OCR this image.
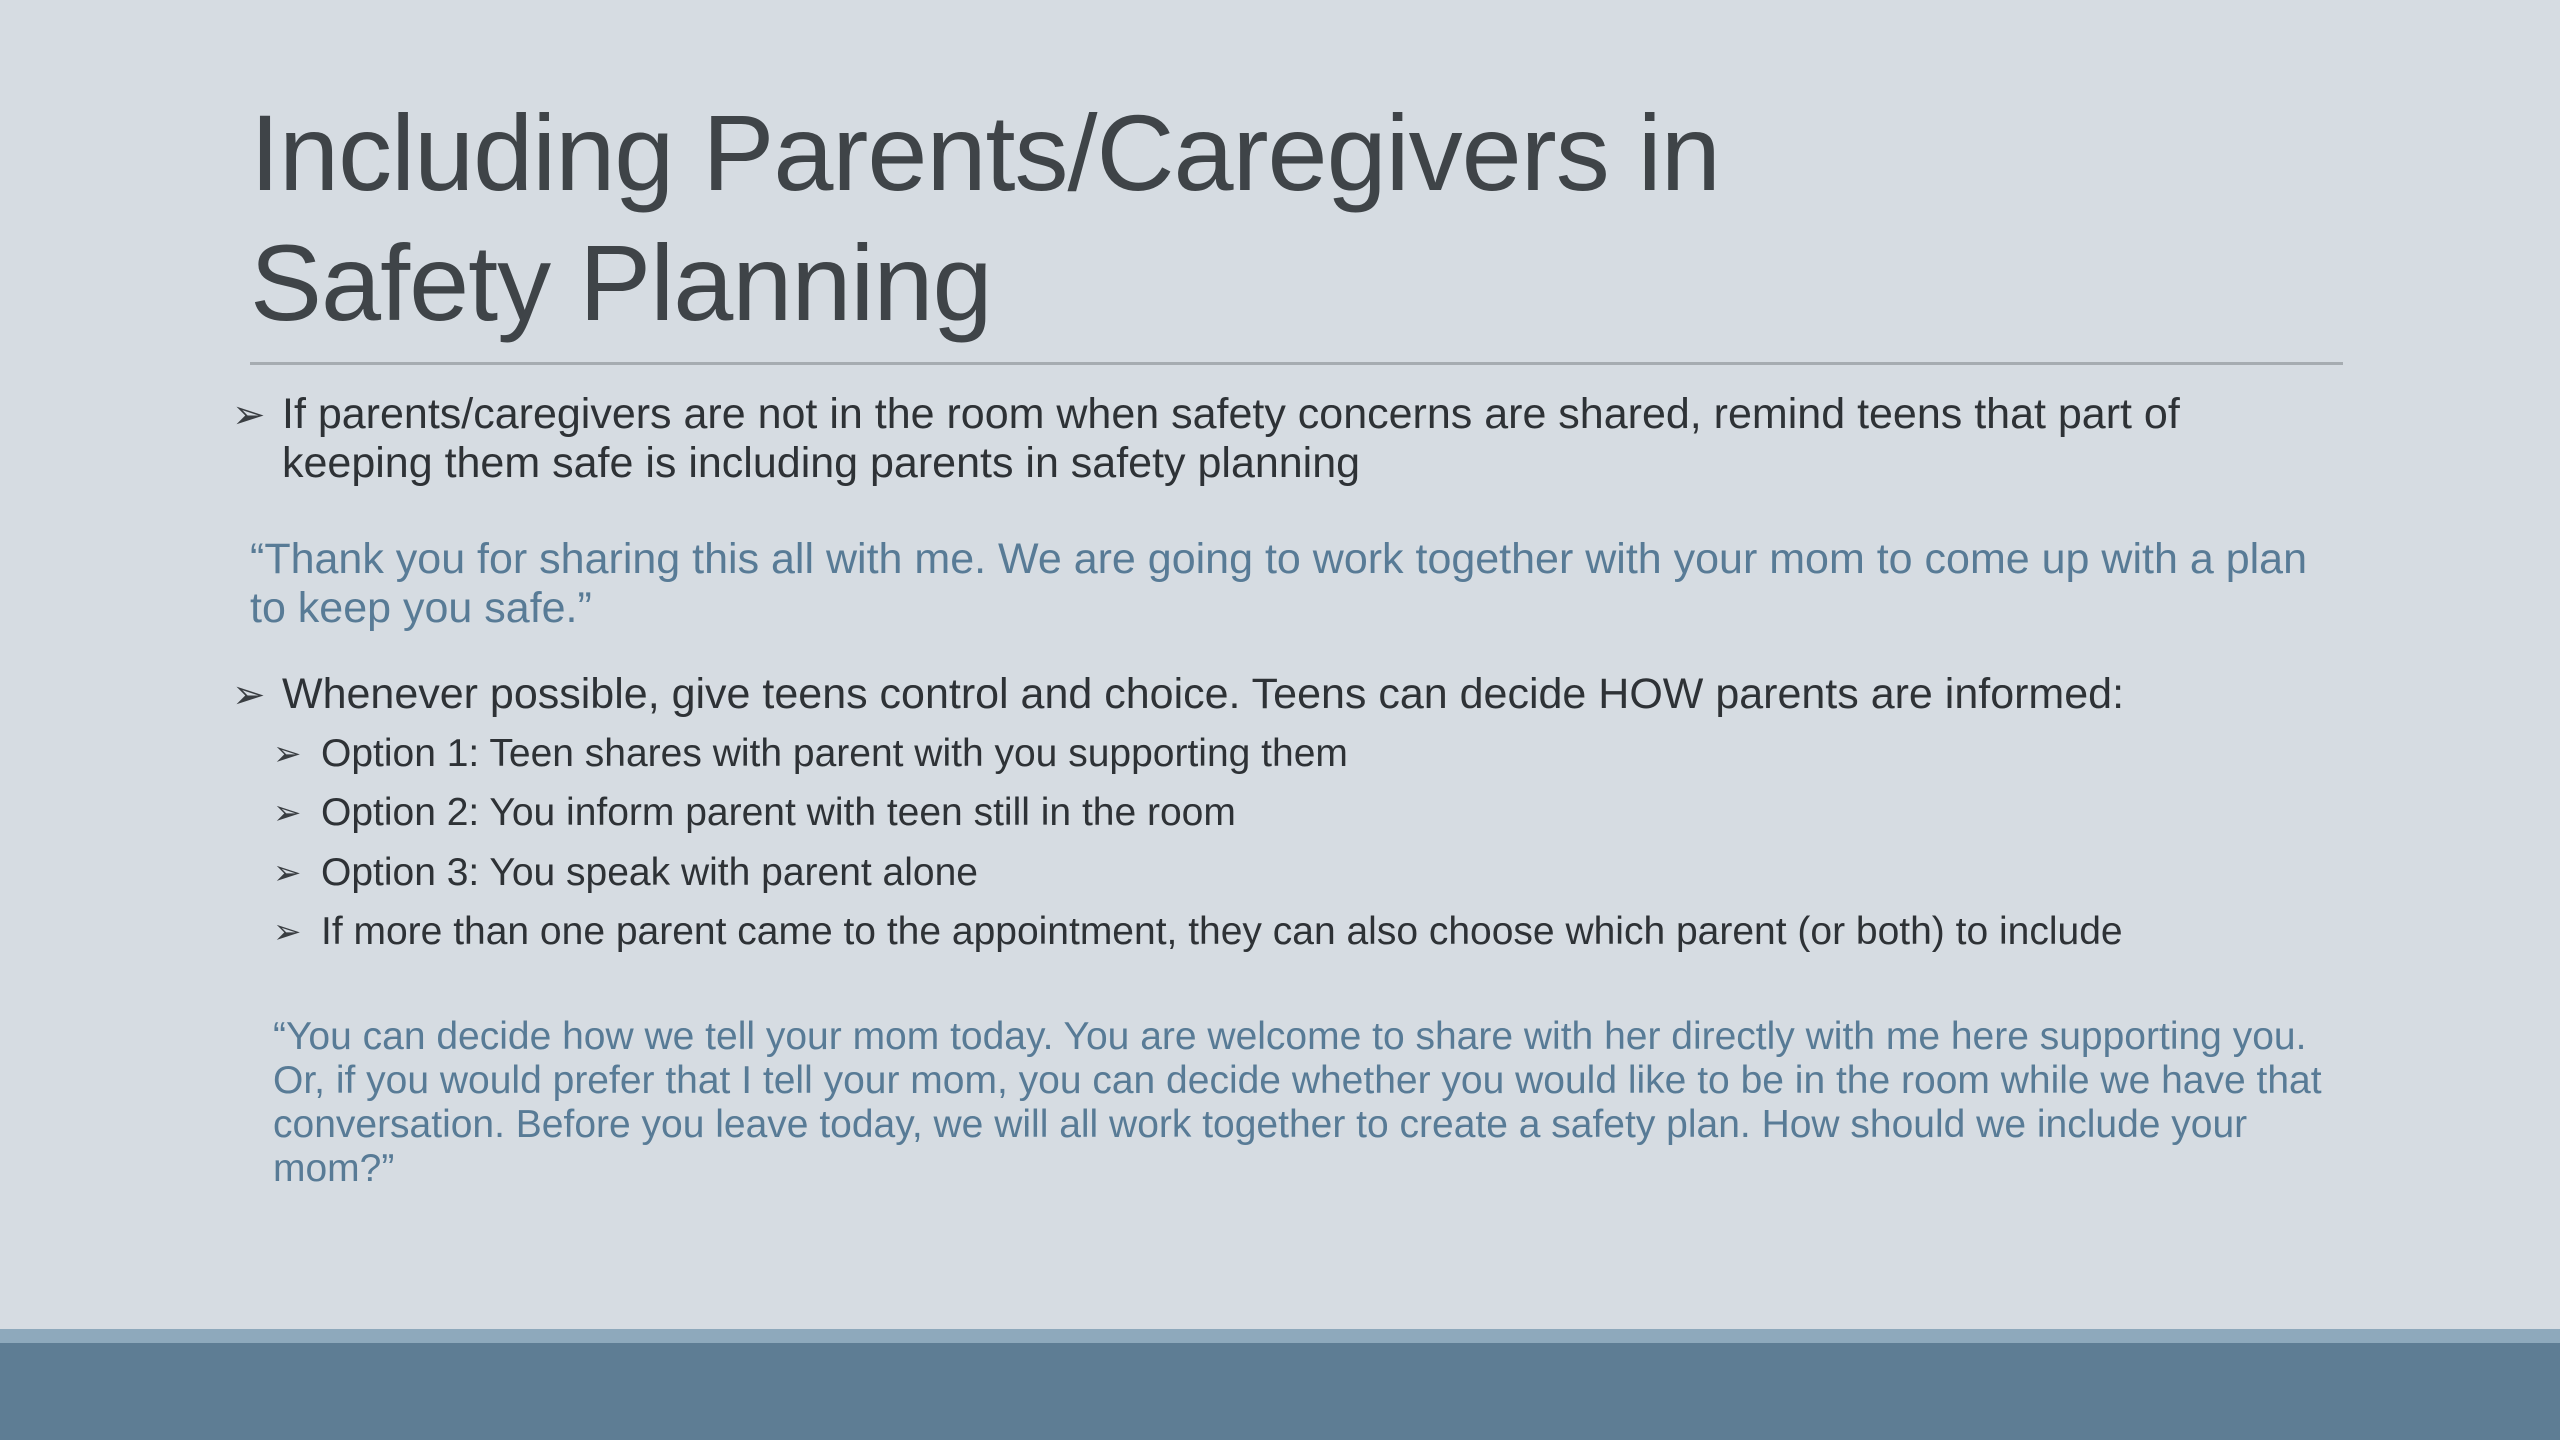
Including Parents/Caregivers in
Safety Planning
➢ If parents/caregivers are not in the room when safety concerns are shared, remind teens that part of keeping them safe is including parents in safety planning

“Thank you for sharing this all with me. We are going to work together with your mom to come up with a plan to keep you safe.”

➢ Whenever possible, give teens control and choice. Teens can decide HOW parents are informed:
➢ Option 1: Teen shares with parent with you supporting them
➢ Option 2: You inform parent with teen still in the room
➢ Option 3: You speak with parent alone
➢ If more than one parent came to the appointment, they can also choose which parent (or both) to include

“You can decide how we tell your mom today. You are welcome to share with her directly with me here supporting you. Or, if you would prefer that I tell your mom, you can decide whether you would like to be in the room while we have that conversation. Before you leave today, we will all work together to create a safety plan. How should we include your mom?”
